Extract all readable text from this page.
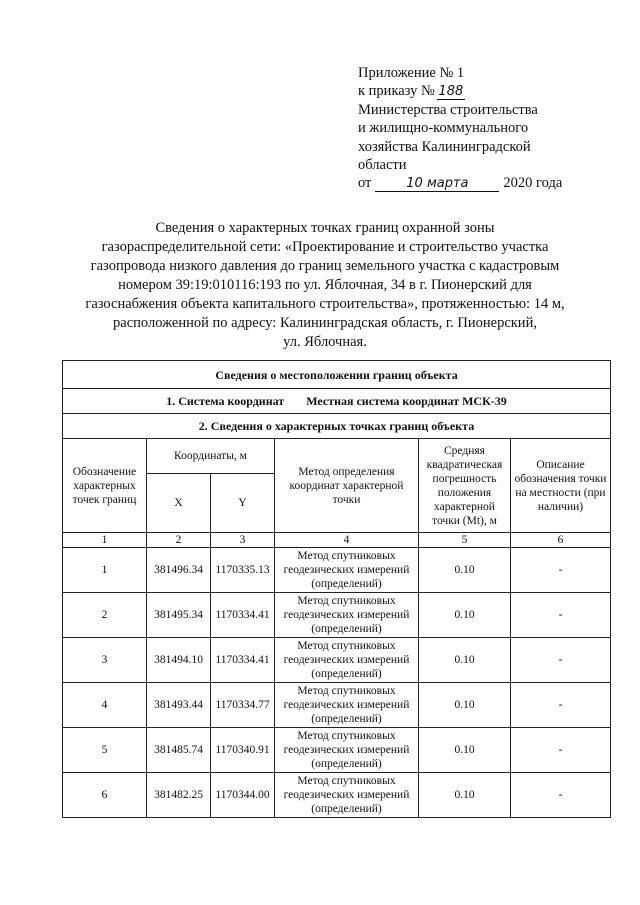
Приложение № 1
к приказу № 188
Министерства строительства
и жилищно-коммунального
хозяйства Калининградской
области
от	10 марта 2020 года
Сведения о характерных точках границ охранной зоны
газораспределительной сети: «Проектирование и строительство участка
газопровода низкого давления до границ земельного участка с кадастровым
номером 39:19:010116:193 по ул. Яблочная, 34 в г. Пионерский для
газоснабжения объекта капитального строительства», протяженностью: 14 м,
расположенной по адресу: Калининградская область, г. Пионерский,
ул. Яблочная.
Сведения о местоположении границ объекта					
1. Система координат Местная система координат МСК-39					
2. Сведения о характерных точках границ объекта					
Обозначение характерных точек границ	Координаты, м		Метод определения координат характерной точки	Средняя квадратическая погрешность положения характерной точки (Mt), м	Описание обозначения точки на местности (при наличии)
	X	Y			
1	2	3	4	5	6
1	381496.34	1170335.13	Метод спутниковых геодезических измерений (определений)	0.10	-
2	381495.34	1170334.41	Метод спутниковых геодезических измерений (определений)	0.10	-
3	381494.10	1170334.41	Метод спутниковых геодезических измерений (определений)	0.10	-
4	381493.44	1170334.77	Метод спутниковых геодезических измерений (определений)	0.10	-
5	381485.74	1170340.91	Метод спутниковых геодезических измерений (определений)	0.10	-
6	381482.25	1170344.00	Метод спутниковых геодезических измерений (определений)	0.10	-
